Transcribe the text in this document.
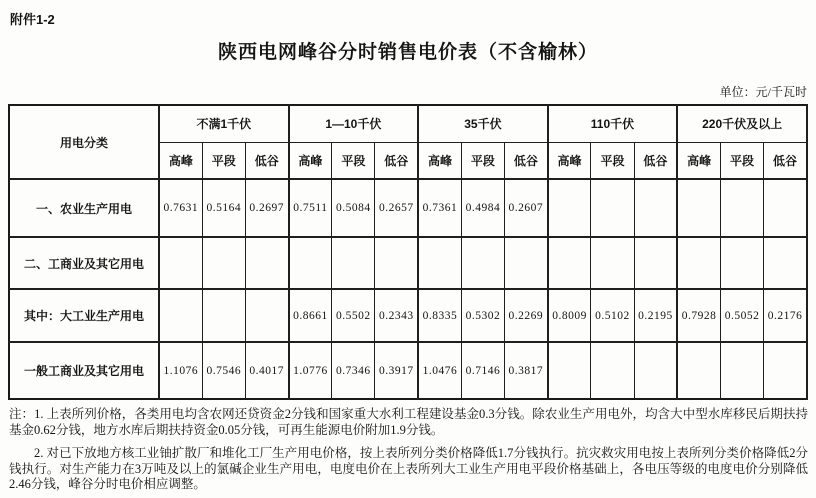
附件1-2
陕西电网峰谷分时销售电价表（不含榆林）
单位：元/千瓦时
用电分类	不满1千伏			1—10千伏			35千伏			110千伏			220千伏及以上		
	高峰	平段	低谷	高峰	平段	低谷	高峰	平段	低谷	高峰	平段	低谷	高峰	平段	低谷
一、农业生产用电	0.7631	0.5164	0.2697	0.7511	0.5084	0.2657	0.7361	0.4984	0.2607						
二、工商业及其它用电															
其中：大工业生产用电				0.8661	0.5502	0.2343	0.8335	0.5302	0.2269	0.8009	0.5102	0.2195	0.7928	0.5052	0.2176
一般工商业及其它用电	1.1076	0.7546	0.4017	1.0776	0.7346	0.3917	1.0476	0.7146	0.3817						

注：1. 上表所列价格，各类用电均含农网还贷资金2分钱和国家重大水利工程建设基金0.3分钱。除农业生产用电外，均含大中型水库移民后期扶持基金0.62分钱，地方水库后期扶持资金0.05分钱，可再生能源电价附加1.9分钱。

2. 对已下放地方核工业铀扩散厂和堆化工厂生产用电价格，按上表所列分类价格降低1.7分钱执行。抗灾救灾用电按上表所列分类价格降低2分钱执行。对生产能力在3万吨及以上的氯碱企业生产用电，电度电价在上表所列大工业生产用电平段价格基础上，各电压等级的电度电价分别降低2.46分钱，峰谷分时电价相应调整。
